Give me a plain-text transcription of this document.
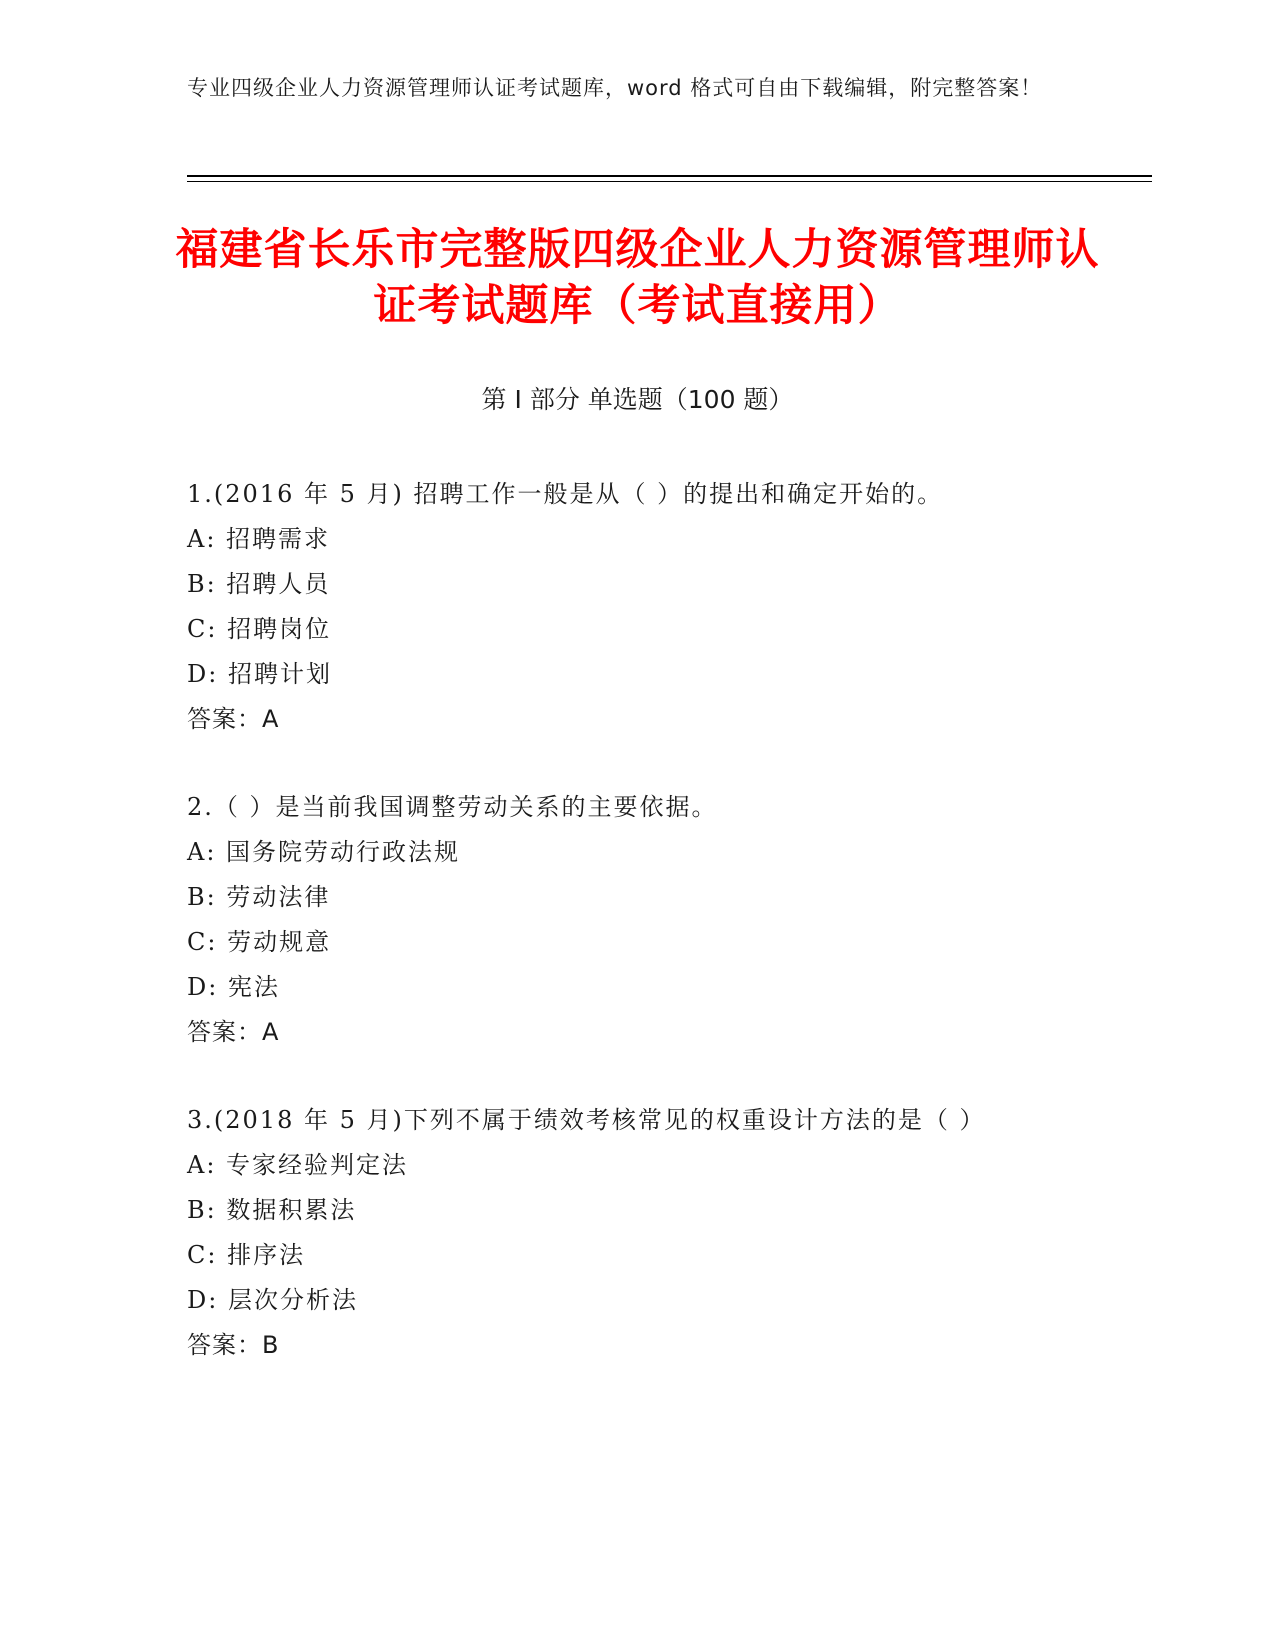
专业四级企业人力资源管理师认证考试题库，word 格式可自由下载编辑，附完整答案！
福建省长乐市完整版四级企业人力资源管理师认证考试题库（考试直接用）
第 I 部分 单选题（100 题）
1.(2016 年 5 月) 招聘工作一般是从（ ）的提出和确定开始的。
A: 招聘需求
B: 招聘人员
C: 招聘岗位
D: 招聘计划
答案：A
2.（ ）是当前我国调整劳动关系的主要依据。
A: 国务院劳动行政法规
B: 劳动法律
C: 劳动规意
D: 宪法
答案：A
3.(2018 年 5 月)下列不属于绩效考核常见的权重设计方法的是（ ）
A: 专家经验判定法
B: 数据积累法
C: 排序法
D: 层次分析法
答案：B
